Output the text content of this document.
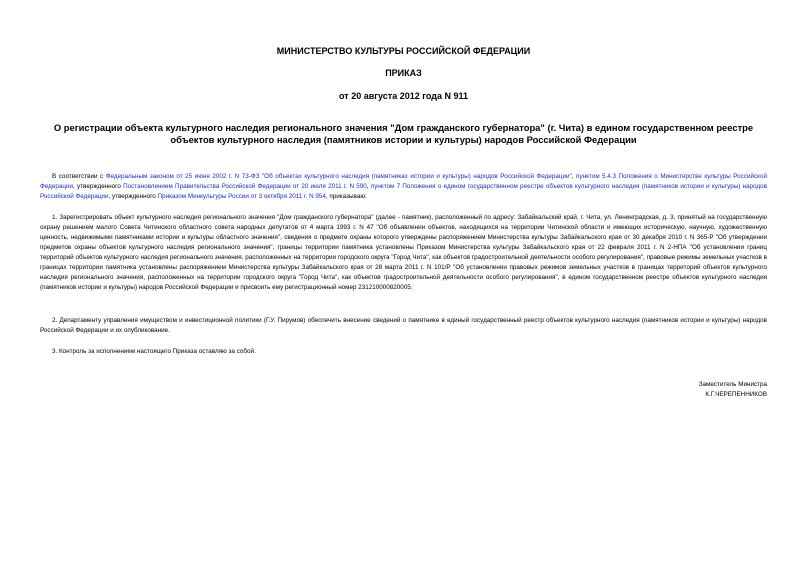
МИНИСТЕРСТВО КУЛЬТУРЫ РОССИЙСКОЙ ФЕДЕРАЦИИ
ПРИКАЗ
от 20 августа 2012 года N 911
О регистрации объекта культурного наследия регионального значения "Дом гражданского губернатора" (г. Чита) в едином государственном реестре объектов культурного наследия (памятников истории и культуры) народов Российской Федерации
В соответствии с Федеральным законом от 25 июня 2002 г. N 73-ФЗ "Об объектах культурного наследия (памятниках истории и культуры) народов Российской Федерации", пунктом 5.4.3 Положения о Министерстве культуры Российской Федерации, утвержденного Постановлением Правительства Российской Федерации от 20 июля 2011 г. N 590, пунктом 7 Положения о едином государственном реестре объектов культурного наследия (памятников истории и культуры) народов Российской Федерации, утвержденного Приказом Минкультуры России от 3 октября 2011 г. N 954, приказываю:
1. Зарегистрировать объект культурного наследия регионального значения "Дом гражданского губернатора" (далее - памятник), расположенный по адресу: Забайкальский край, г. Чита, ул. Ленинградская, д. 3, принятый на государственную охрану решением малого Совета Читинского областного совета народных депутатов от 4 марта 1993 г. N 47 "Об объявлении объектов, находящихся на территории Читинской области и имеющих историческую, научную, художественную ценность, недвижимыми памятниками истории и культуры областного значения", сведения о предмете охраны которого утверждены распоряжением Министерства культуры Забайкальского края от 30 декабря 2010 г. N 365-Р "Об утверждении предметов охраны объектов культурного наследия регионального значения", границы территории памятника установлены Приказом Министерства культуры Забайкальского края от 22 февраля 2011 г. N 2-НПА "Об установлении границ территорий объектов культурного наследия регионального значения, расположенных на территории городского округа "Город Чита", как объектов градостроительной деятельности особого регулирования", правовые режимы земельных участков в границах территории памятника установлены распоряжением Министерства культуры Забайкальского края от 28 марта 2011 г. N 101/Р "Об установлении правовых режимов земельных участков в границах территорий объектов культурного наследия регионального значения, расположенных на территории городского округа "Город Чита", как объектов градостроительной деятельности особого регулирования", в едином государственном реестре объектов культурного наследия (памятников истории и культуры) народов Российской Федерации и присвоить ему регистрационный номер 231210000820005.
2. Департаменту управления имуществом и инвестиционной политики (Г.У. Пирумов) обеспечить внесение сведений о памятнике в единый государственный реестр объектов культурного наследия (памятников истории и культуры) народов Российской Федерации и их опубликование.
3. Контроль за исполнением настоящего Приказа оставляю за собой.
Заместитель Министра
К.Г.ЧЕРЕПЕННИКОВ
